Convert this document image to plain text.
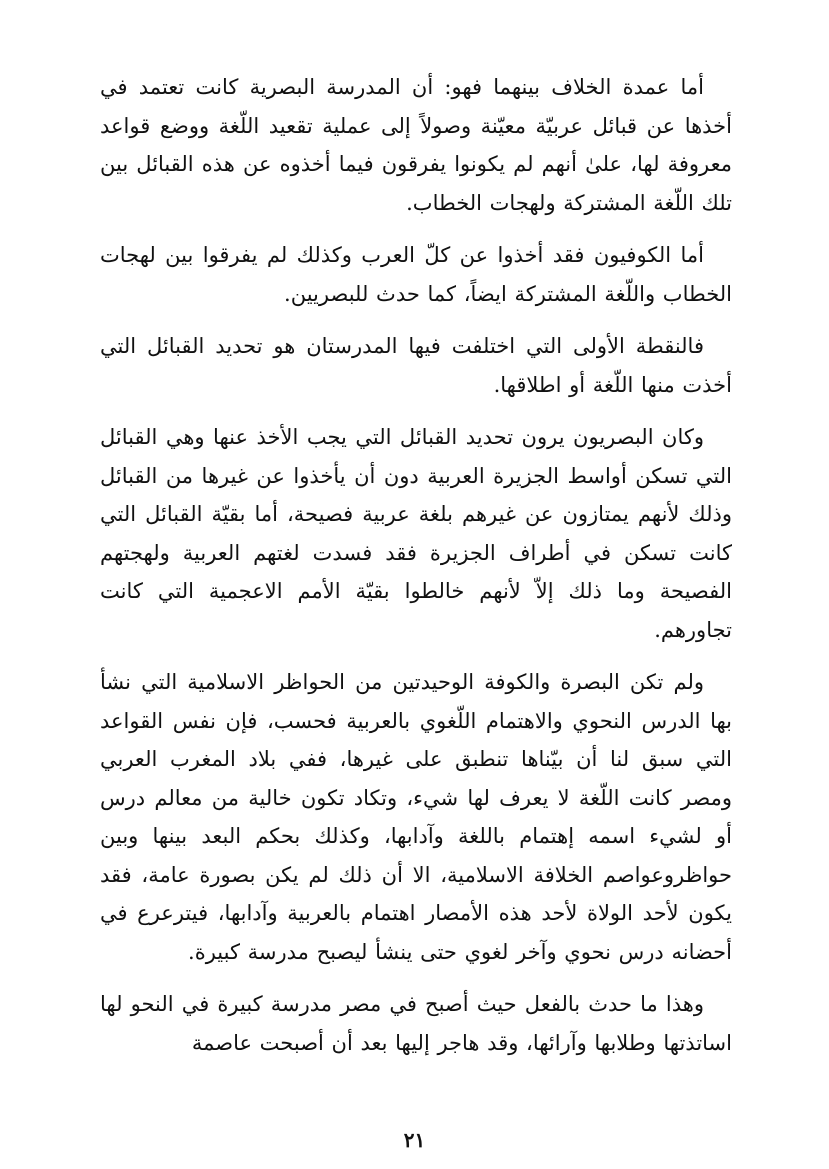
أما عمدة الخلاف بينهما فهو: أن المدرسة البصرية كانت تعتمد في أخذها عن قبائل عربيّة معيّنة وصولاً إلى عملية تقعيد اللّغة ووضع قواعد معروفة لها، علىٰ أنهم لم يكونوا يفرقون فيما أخذوه عن هذه القبائل بين تلك اللّغة المشتركة ولهجات الخطاب.

أما الكوفيون فقد أخذوا عن كلّ العرب وكذلك لم يفرقوا بين لهجات الخطاب واللّغة المشتركة ايضاً، كما حدث للبصريين.

فالنقطة الأولى التي اختلفت فيها المدرستان هو تحديد القبائل التي أخذت منها اللّغة أو اطلاقها.

وكان البصريون يرون تحديد القبائل التي يجب الأخذ عنها وهي القبائل التي تسكن أواسط الجزيرة العربية دون أن يأخذوا عن غيرها من القبائل وذلك لأنهم يمتازون عن غيرهم بلغة عربية فصيحة، أما بقيّة القبائل التي كانت تسكن في أطراف الجزيرة فقد فسدت لغتهم العربية ولهجتهم الفصيحة وما ذلك إلاّ لأنهم خالطوا بقيّة الأمم الاعجمية التي كانت تجاورهم.

ولم تكن البصرة والكوفة الوحيدتين من الحواظر الاسلامية التي نشأ بها الدرس النحوي والاهتمام اللّغوي بالعربية فحسب، فإن نفس القواعد التي سبق لنا أن بيّناها تنطبق على غيرها، ففي بلاد المغرب العربي ومصر كانت اللّغة لا يعرف لها شيء، وتكاد تكون خالية من معالم درس أو لشيء اسمه إهتمام باللغة وآدابها، وكذلك بحكم البعد بينها وبين حواظروعواصم الخلافة الاسلامية، الا أن ذلك لم يكن بصورة عامة، فقد يكون لأحد الولاة لأحد هذه الأمصار اهتمام بالعربية وآدابها، فيترعرع في أحضانه درس نحوي وآخر لغوي حتى ينشأ ليصبح مدرسة كبيرة.

وهذا ما حدث بالفعل حيث أصبح في مصر مدرسة كبيرة في النحو لها اساتذتها وطلابها وآرائها، وقد هاجر إليها بعد أن أصبحت عاصمة

٢١
